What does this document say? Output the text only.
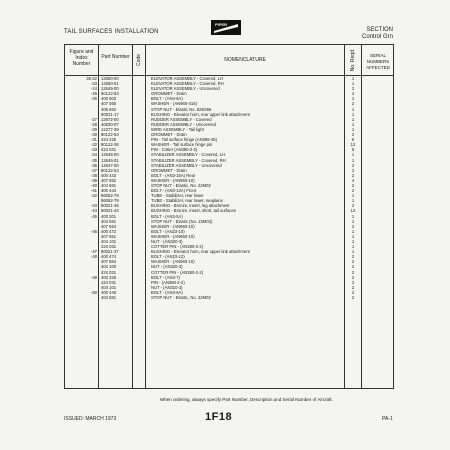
TAIL SURFACES INSTALLATION
PIPER
SECTION
Control Grn
Figure and Index Number
Part Number Code	NOMENCLATURE	No. Reqd.	SERIAL NUMBERS AFFECTED
36-22 12650-00	ELEVATOR ASSEMBLY - Covered, LH	1
-23 12650-01	ELEVATOR ASSEMBLY - Covered, RH	1
-24 12649-00	ELEVATOR ASSEMBLY - Uncovered	2
-25 80122-53	GROMMET - Drain	4
-26 400 803	BOLT - (AN4-6A)	1
407 565	WASHER - (AN960-416)	2
406 662	STOP NUT - Elastic No. 82E066	1
80021-17	BUSHING - Elevator horn, rear upper link attachment	1
-27 12672-00	RUDDER ASSEMBLY - Covered	1
-28 40630-07	RUDDER ASSEMBLY - Uncovered	1
-29 12377-39	WIRE ASSEMBLY - Tail light	1
-30 80122-53	GROMMET - Drain	2
-31 424 225	PIN - Tail surface hinge (AN396-35)	6
-32 80122-36	WASHER - Tail surface hinge pin	12
-33 424 031	PIN - Cotter (AN380-2-2)	6
-34 12646-00	STABILIZER ASSEMBLY - Covered, LH	1
-35 12646-01	STABILIZER ASSEMBLY - Covered, RH	1
-36 12647-00	STABILIZER ASSEMBLY - Uncovered	2
-37 80122-53	GROMMET - Drain	2
-38 400 443	BOLT - (AN3-15A) Rear	2
-39 407 562	WASHER - (AN960-10)	4
-40 404 681	STOP NUT - Elastic, No. 22M02	2
-41 400 444	BOLT - (AN3-13A) Front	2
-42 86062-79	TUBE - Stabilizer, rear lower	1
86062-79	TUBE - Stabilizer, rear lower, seaplane	1
-43 80021-46	BUSHING - Bronze, insert, leg attachment	2
-44 80021-43	BUSHING - Bronze, insert, short, tail surfaces	12
-45 400 201	BOLT - (AN3-5A)	1
404 681	STOP NUT - Elastic (No. 22M02)	1
407 564	WASHER - (AN960-10)	2
-46 400 472	BOLT - (AN23-10)	1
407 561	WASHER - (AN960-10)	1
404 101	NUT - (AN320-3)	1
424 031	COTTER PIN - (AN380-2-2)	1
-47 80021-37	BUSHING - Elevator horn, rear upper link attachment	1
-48 400 474	BOLT - (AN23-12)	2
407 564	WASHER - (AN960-10)	2
404 100	NUT - (AN320-3)	2
424 031	COTTER PIN - (AN380-2-2)	2
-49 400 326	BOLT - (AN3-7)	2
424 031	PIN - (AN380-2-2)	2
404 101	NUT - (AN310-3)	2
-50 400 440	BOLT - (AN3-6A)	2
404 681	STOP NUT - Elastic, No. 22M02	2
When ordering, always specify Part Number, Description and Serial Number of Aircraft.
ISSUED: MARCH 1973	1F18	PA-1
